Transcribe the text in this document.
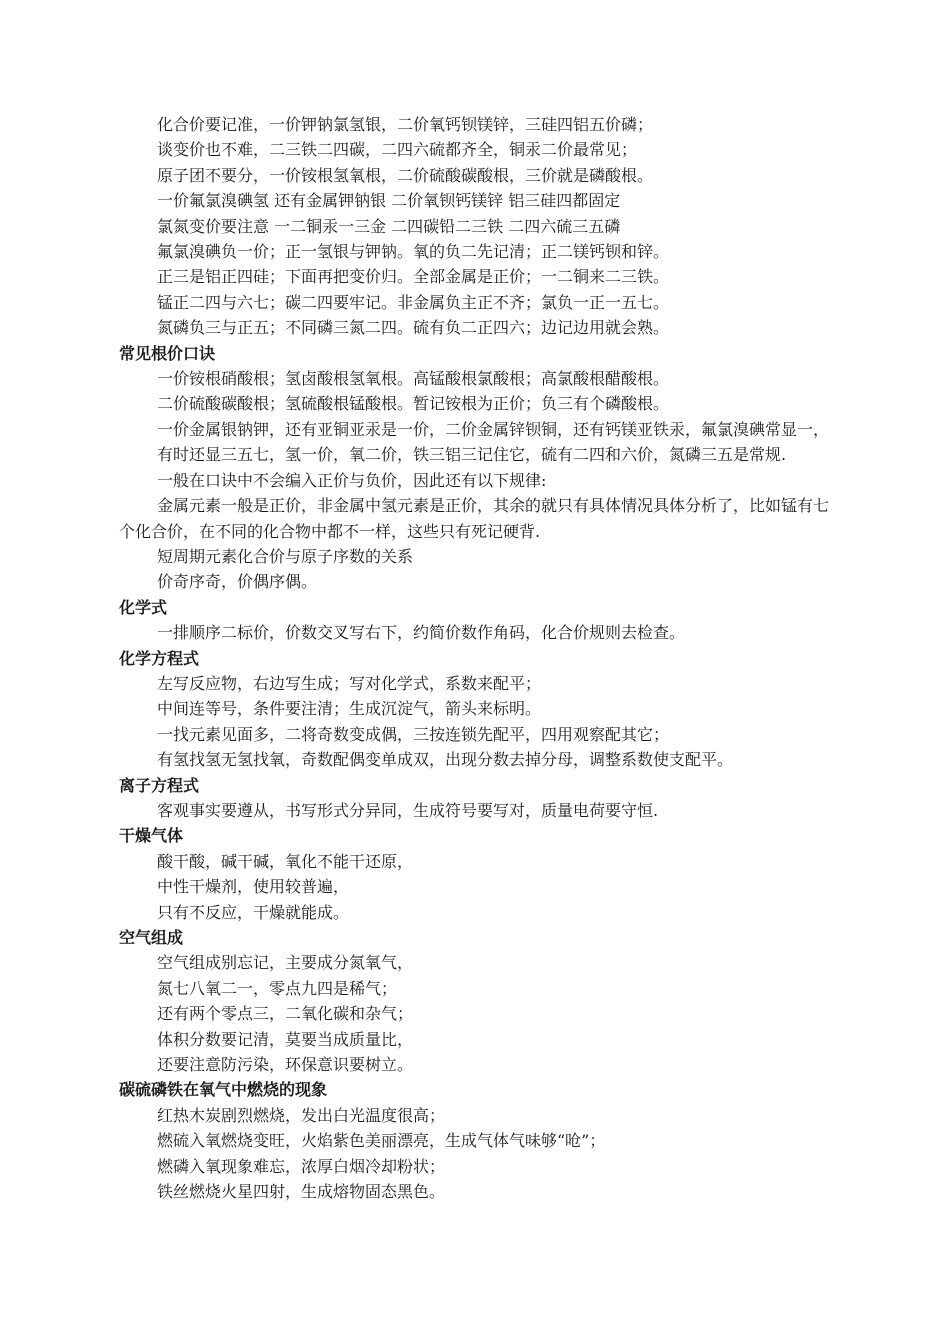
化合价要记准，一价钾钠氯氢银，二价氧钙钡镁锌，三硅四铝五价磷；
谈变价也不难，二三铁二四碳，二四六硫都齐全，铜汞二价最常见；
原子团不要分，一价铵根氢氧根，二价硫酸碳酸根，三价就是磷酸根。
一价氟氯溴碘氢 还有金属钾钠银 二价氧钡钙镁锌 铝三硅四都固定
氯氮变价要注意 一二铜汞一三金 二四碳铅二三铁 二四六硫三五磷
氟氯溴碘负一价；正一氢银与钾钠。氧的负二先记清；正二镁钙钡和锌。
正三是铝正四硅；下面再把变价归。全部金属是正价；一二铜来二三铁。
锰正二四与六七；碳二四要牢记。非金属负主正不齐；氯负一正一五七。
氮磷负三与正五；不同磷三氮二四。硫有负二正四六；边记边用就会熟。
常见根价口诀
一价铵根硝酸根；氢卤酸根氢氧根。高锰酸根氯酸根；高氯酸根醋酸根。
二价硫酸碳酸根；氢硫酸根锰酸根。暂记铵根为正价；负三有个磷酸根。
一价金属银钠钾，还有亚铜亚汞是一价，二价金属锌钡铜，还有钙镁亚铁汞，氟氯溴碘常显一，
有时还显三五七，氢一价，氧二价，铁三铝三记住它，硫有二四和六价，氮磷三五是常规.
一般在口诀中不会编入正价与负价，因此还有以下规律:
金属元素一般是正价，非金属中氢元素是正价，其余的就只有具体情况具体分析了，比如锰有七个化合价，在不同的化合物中都不一样，这些只有死记硬背.
短周期元素化合价与原子序数的关系
价奇序奇，价偶序偶。
化学式
一排顺序二标价，价数交叉写右下，约简价数作角码，化合价规则去检查。
化学方程式
左写反应物，右边写生成；写对化学式，系数来配平；
中间连等号，条件要注清；生成沉淀气，箭头来标明。
一找元素见面多，二将奇数变成偶，三按连锁先配平，四用观察配其它；
有氢找氢无氢找氧，奇数配偶变单成双，出现分数去掉分母，调整系数使支配平。
离子方程式
客观事实要遵从，书写形式分异同，生成符号要写对，质量电荷要守恒.
干燥气体
酸干酸，碱干碱，氧化不能干还原，
中性干燥剂，使用较普遍，
只有不反应，干燥就能成。
空气组成
空气组成别忘记，主要成分氮氧气，
氮七八氧二一，零点九四是稀气；
还有两个零点三，二氧化碳和杂气；
体积分数要记清，莫要当成质量比，
还要注意防污染，环保意识要树立。
碳硫磷铁在氧气中燃烧的现象
红热木炭剧烈燃烧，发出白光温度很高；
燃硫入氧燃烧变旺，火焰紫色美丽漂亮，生成气体气味够“呛”；
燃磷入氧现象难忘，浓厚白烟冷却粉状；
铁丝燃烧火星四射，生成熔物固态黑色。
